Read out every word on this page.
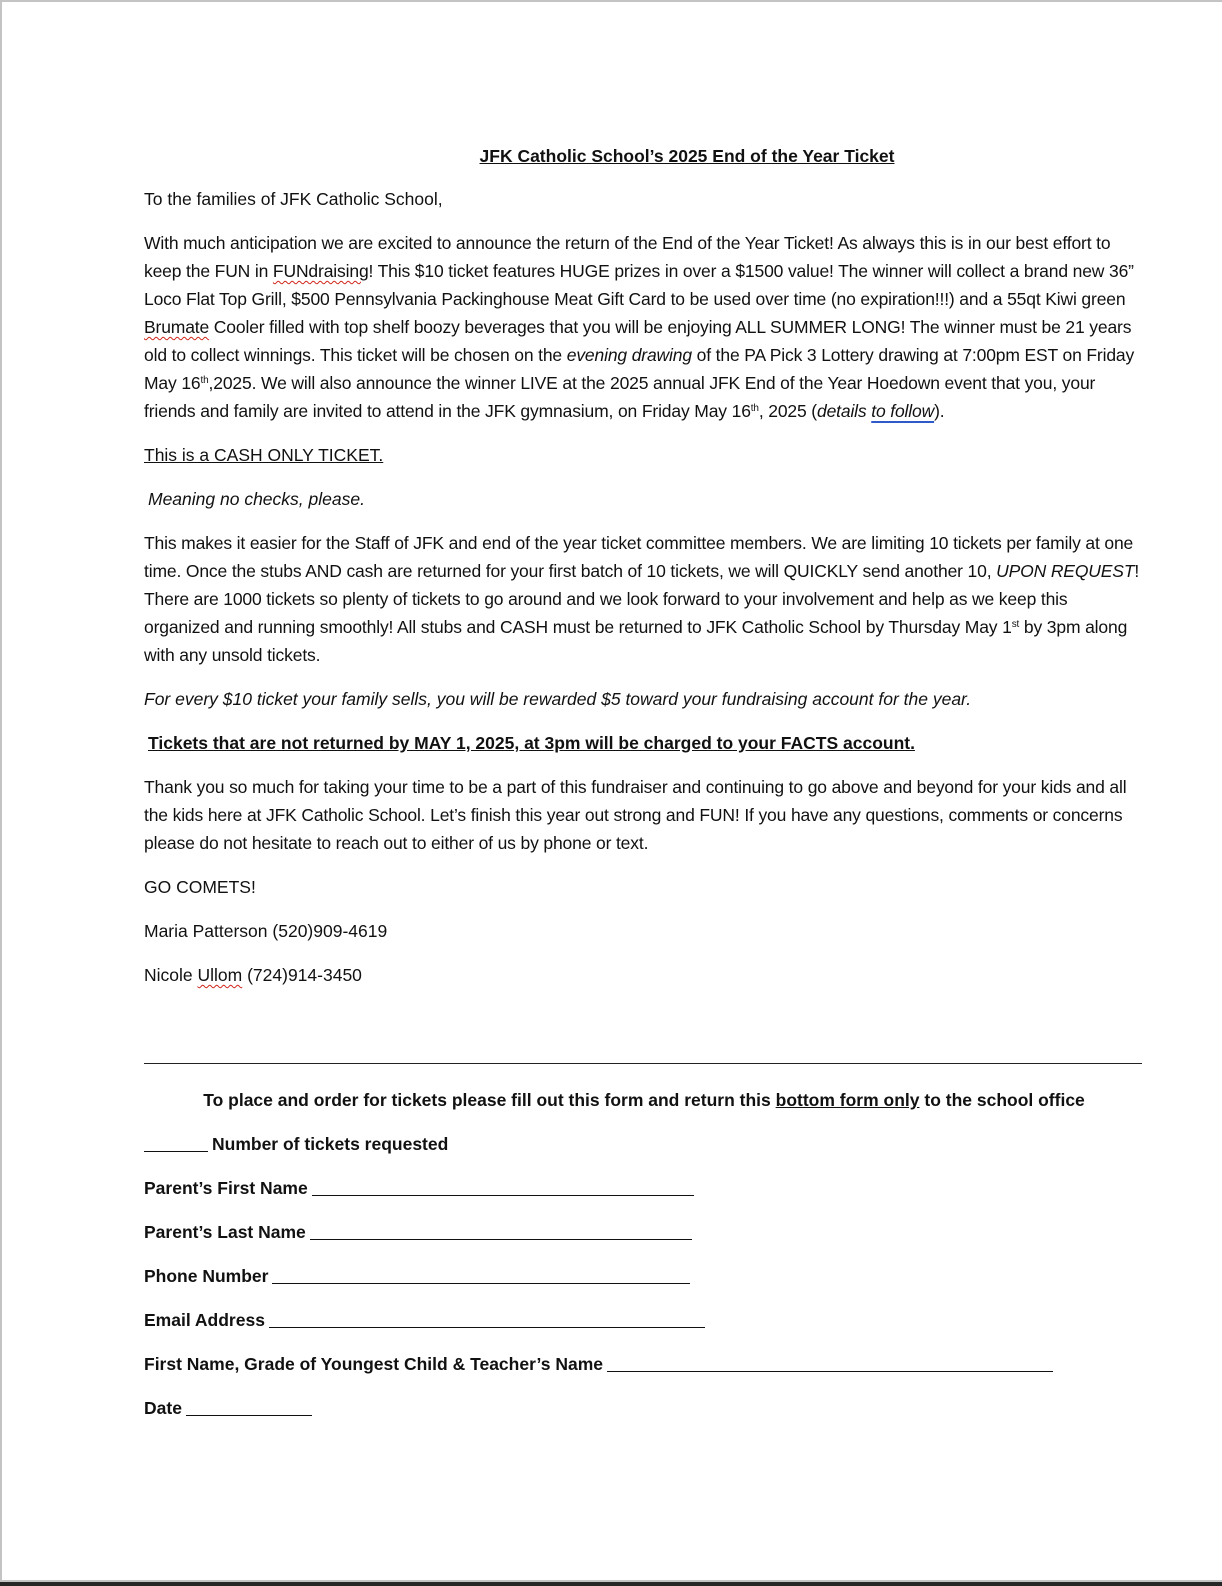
JFK Catholic School’s 2025 End of the Year Ticket

To the families of JFK Catholic School,

With much anticipation we are excited to announce the return of the End of the Year Ticket! As always this is in our best effort to keep the FUN in FUNdraising! This $10 ticket features HUGE prizes in over a $1500 value! The winner will collect a brand new 36” Loco Flat Top Grill, $500 Pennsylvania Packinghouse Meat Gift Card to be used over time (no expiration!!!) and a 55qt Kiwi green Brumate Cooler filled with top shelf boozy beverages that you will be enjoying ALL SUMMER LONG! The winner must be 21 years old to collect winnings. This ticket will be chosen on the evening drawing of the PA Pick 3 Lottery drawing at 7:00pm EST on Friday May 16th,2025. We will also announce the winner LIVE at the 2025 annual JFK End of the Year Hoedown event that you, your friends and family are invited to attend in the JFK gymnasium, on Friday May 16th, 2025 (details to follow).

This is a CASH ONLY TICKET.

Meaning no checks, please.

This makes it easier for the Staff of JFK and end of the year ticket committee members. We are limiting 10 tickets per family at one time. Once the stubs AND cash are returned for your first batch of 10 tickets, we will QUICKLY send another 10, UPON REQUEST! There are 1000 tickets so plenty of tickets to go around and we look forward to your involvement and help as we keep this organized and running smoothly! All stubs and CASH must be returned to JFK Catholic School by Thursday May 1st by 3pm along with any unsold tickets.

For every $10 ticket your family sells, you will be rewarded $5 toward your fundraising account for the year.

Tickets that are not returned by MAY 1, 2025, at 3pm will be charged to your FACTS account.

Thank you so much for taking your time to be a part of this fundraiser and continuing to go above and beyond for your kids and all the kids here at JFK Catholic School. Let’s finish this year out strong and FUN! If you have any questions, comments or concerns please do not hesitate to reach out to either of us by phone or text.

GO COMETS!

Maria Patterson (520)909-4619

Nicole Ullom (724)914-3450

To place and order for tickets please fill out this form and return this bottom form only to the school office
Number of tickets requested
Parent’s First Name
Parent’s Last Name
Phone Number
Email Address
First Name, Grade of Youngest Child & Teacher’s Name
Date
